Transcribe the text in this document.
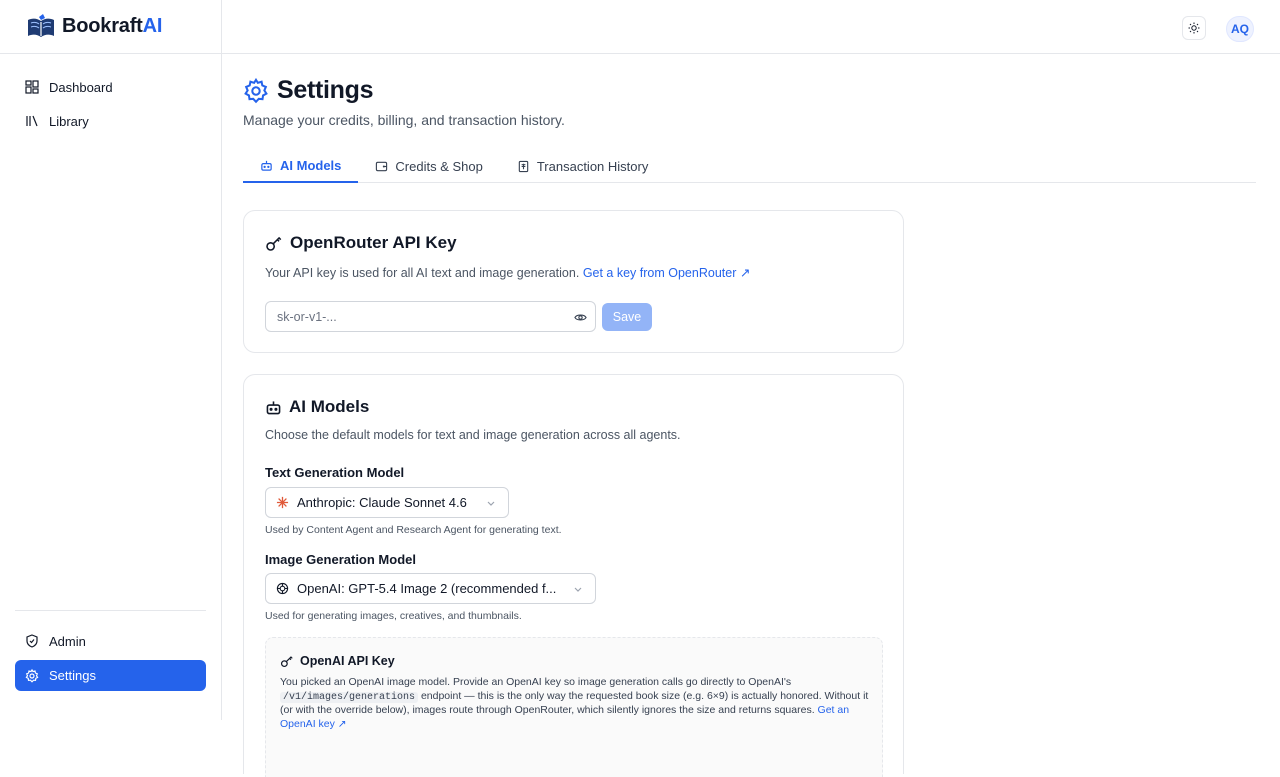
BookraftAI
Dashboard
Library
Admin
Settings
AQ
Settings

Manage your credits, billing, and transaction history.

AI Models	Credits & Shop	Transaction History
OpenRouter API Key

Your API key is used for all AI text and image generation. Get a key from OpenRouter ↗

sk-or-v1-...
Save
AI Models

Choose the default models for text and image generation across all agents.

Text Generation Model
Anthropic: Claude Sonnet 4.6

Used by Content Agent and Research Agent for generating text.

Image Generation Model
OpenAI: GPT-5.4 Image 2 (recommended f...

Used for generating images, creatives, and thumbnails.

OpenAI API Key

You picked an OpenAI image model. Provide an OpenAI key so image generation calls go directly to OpenAI's /v1/images/generations endpoint — this is the only way the requested book size (e.g. 6×9) is actually honored. Without it (or with the override below), images route through OpenRouter, which silently ignores the size and returns squares. Get an OpenAI key ↗
